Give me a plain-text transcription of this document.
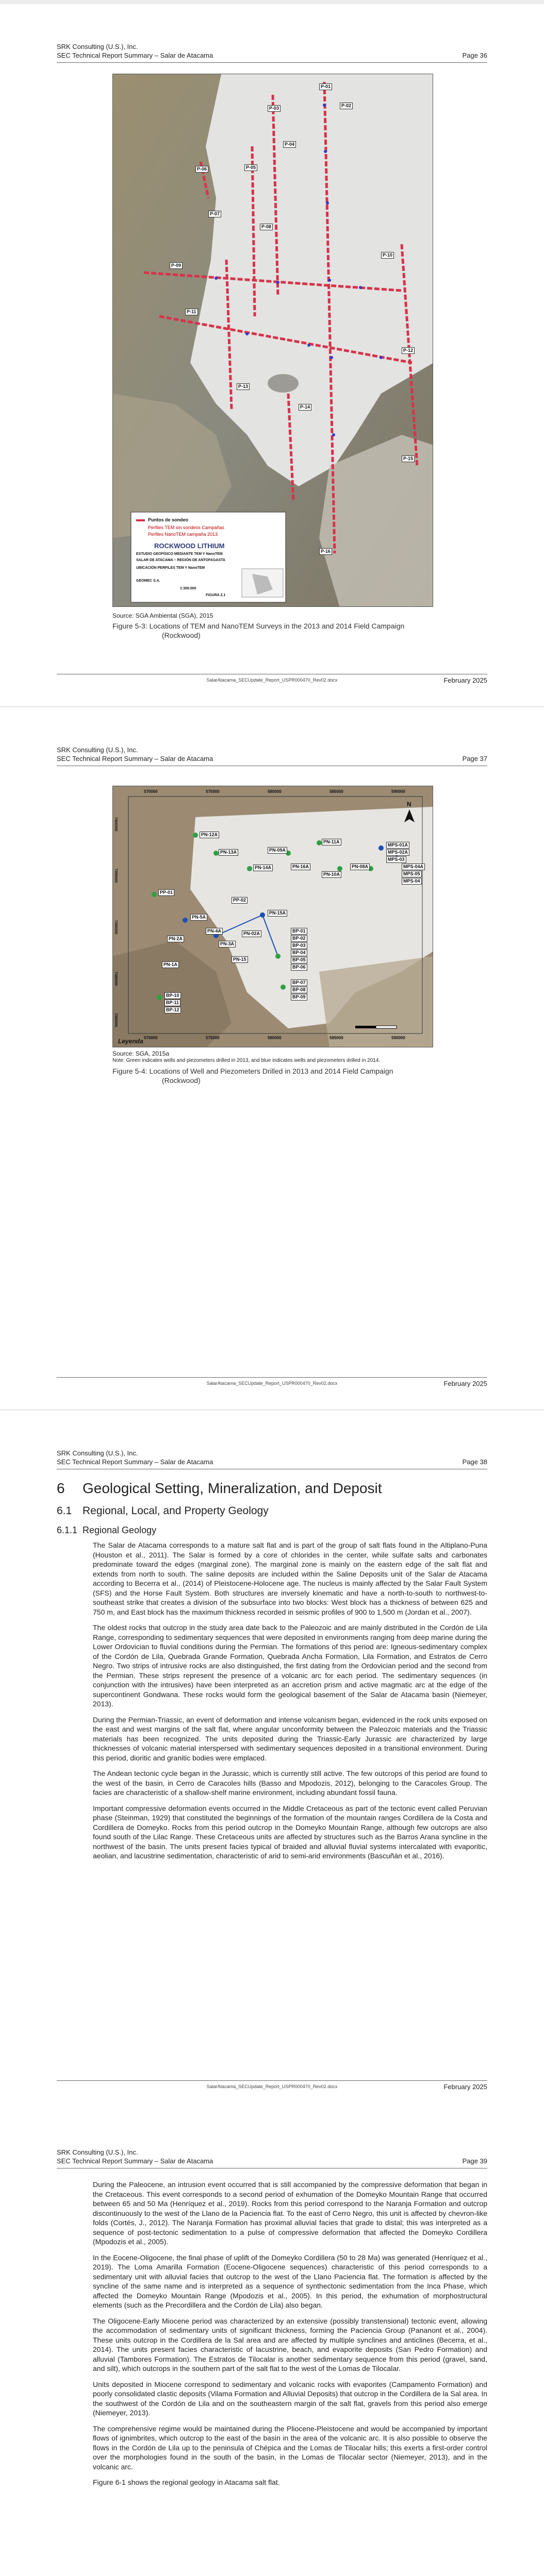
SRK Consulting (U.S.), Inc.
SEC Technical Report Summary – Salar de Atacama	Page 36
P-01
P-02
P-03
P-04
P-05
P-06
P-07
P-08
P-09
P-10
P-11
P-12
P-13
P-14
P-15
P-16
Puntos de sondeo
Perfiles TEM sin sondeos Campañas
Perfiles NanoTEM campaña 2013
ROCKWOOD LITHIUM
ESTUDIO GEOFÍSICO MEDIANTE TEM Y NanoTEM
SALAR DE ATACAMA – REGIÓN DE ANTOFAGASTA
UBICACIÓN PERFILES TEM Y NanoTEM
GEOMEC S.A.
1:300.000
FIGURA 2.1
Source: SGA Ambiental (SGA), 2015
Figure 5-3: Locations of TEM and NanoTEM Surveys in the 2013 and 2014 Field Campaign
(Rockwood)
SalarAtacama_SECUpdate_Report_USPR000470_Rev02.docx	February 2025
SRK Consulting (U.S.), Inc.
SEC Technical Report Summary – Salar de Atacama	Page 37
570000	575000	580000	585000	590000
570000	575000	580000	585000	590000
7400000
7395000
7390000
7385000
7380000
N
Leyenda
PN-12A
PN-13A
PN-14A
PN-09A
PN-11A
PN-10A
PN-08A
PP-01
PN-16A
PP-02
PN-15A
MPS-01A
MPS-02A
MPS-03
MPS-04A
MPS-05
MPS-04
PN-5A
PN-4A
PN-3A
PN-2A
PN-1A
BP-01
BP-02
BP-03
BP-04
BP-05
BP-06
BP-07
BP-08
BP-09
BP-10
BP-11
BP-12
PN-15
PN-02A
Source: SGA, 2015a
Note: Green indicates wells and piezometers drilled in 2013, and blue indicates wells and piezometers drilled in 2014.
Figure 5-4: Locations of Well and Piezometers Drilled in 2013 and 2014 Field Campaign
(Rockwood)
SalarAtacama_SECUpdate_Report_USPR000470_Rev02.docx	February 2025
SRK Consulting (U.S.), Inc.
SEC Technical Report Summary – Salar de Atacama	Page 38
6 Geological Setting, Mineralization, and Deposit
6.1 Regional, Local, and Property Geology
6.1.1 Regional Geology

The Salar de Atacama corresponds to a mature salt flat and is part of the group of salt flats found in the Altiplano-Puna (Houston et al., 2011). The Salar is formed by a core of chlorides in the center, while sulfate salts and carbonates predominate toward the edges (marginal zone). The marginal zone is mainly on the eastern edge of the salt flat and extends from north to south. The saline deposits are included within the Saline Deposits unit of the Salar de Atacama according to Becerra et al., (2014) of Pleistocene-Holocene age. The nucleus is mainly affected by the Salar Fault System (SFS) and the Horse Fault System. Both structures are inversely kinematic and have a north-to-south to northwest-to-southeast strike that creates a division of the subsurface into two blocks: West block has a thickness of between 625 and 750 m, and East block has the maximum thickness recorded in seismic profiles of 900 to 1,500 m (Jordan et al., 2007).

The oldest rocks that outcrop in the study area date back to the Paleozoic and are mainly distributed in the Cordón de Lila Range, corresponding to sedimentary sequences that were deposited in environments ranging from deep marine during the Lower Ordovician to fluvial conditions during the Permian. The formations of this period are: Igneous-sedimentary complex of the Cordón de Lila, Quebrada Grande Formation, Quebrada Ancha Formation, Lila Formation, and Estratos de Cerro Negro. Two strips of intrusive rocks are also distinguished, the first dating from the Ordovician period and the second from the Permian. These strips represent the presence of a volcanic arc for each period. The sedimentary sequences (in conjunction with the intrusives) have been interpreted as an accretion prism and active magmatic arc at the edge of the supercontinent Gondwana. These rocks would form the geological basement of the Salar de Atacama basin (Niemeyer, 2013).

During the Permian-Triassic, an event of deformation and intense volcanism began, evidenced in the rock units exposed on the east and west margins of the salt flat, where angular unconformity between the Paleozoic materials and the Triassic materials has been recognized. The units deposited during the Triassic-Early Jurassic are characterized by large thicknesses of volcanic material interspersed with sedimentary sequences deposited in a transitional environment. During this period, dioritic and granitic bodies were emplaced.

The Andean tectonic cycle began in the Jurassic, which is currently still active. The few outcrops of this period are found to the west of the basin, in Cerro de Caracoles hills (Basso and Mpodozis, 2012), belonging to the Caracoles Group. The facies are characteristic of a shallow-shelf marine environment, including abundant fossil fauna.

Important compressive deformation events occurred in the Middle Cretaceous as part of the tectonic event called Peruvian phase (Steinman, 1929) that constituted the beginnings of the formation of the mountain ranges Cordillera de la Costa and Cordillera de Domeyko. Rocks from this period outcrop in the Domeyko Mountain Range, although few outcrops are also found south of the Lilac Range. These Cretaceous units are affected by structures such as the Barros Arana syncline in the northwest of the basin. The units present facies typical of braided and alluvial fluvial systems intercalated with evaporitic, aeolian, and lacustrine sedimentation, characteristic of arid to semi-arid environments (Bascuñán et al., 2016).

SalarAtacama_SECUpdate_Report_USPR000470_Rev02.docx	February 2025
SRK Consulting (U.S.), Inc.
SEC Technical Report Summary – Salar de Atacama	Page 39

During the Paleocene, an intrusion event occurred that is still accompanied by the compressive deformation that began in the Cretaceous. This event corresponds to a second period of exhumation of the Domeyko Mountain Range that occurred between 65 and 50 Ma (Henríquez et al., 2019). Rocks from this period correspond to the Naranja Formation and outcrop discontinuously to the west of the Llano de la Paciencia flat. To the east of Cerro Negro, this unit is affected by chevron-like folds (Cortés, J., 2012). The Naranja Formation has proximal alluvial facies that grade to distal; this was interpreted as a sequence of post-tectonic sedimentation to a pulse of compressive deformation that affected the Domeyko Cordillera (Mpodozis et al., 2005).

In the Eocene-Oligocene, the final phase of uplift of the Domeyko Cordillera (50 to 28 Ma) was generated (Henríquez et al., 2019). The Loma Amarilla Formation (Eocene-Oligocene sequences) characteristic of this period corresponds to a sedimentary unit with alluvial facies that outcrop to the west of the Llano Paciencia flat. The formation is affected by the syncline of the same name and is interpreted as a sequence of synthectonic sedimentation from the Inca Phase, which affected the Domeyko Mountain Range (Mpodozis et al., 2005). In this period, the exhumation of morphostructural elements (such as the Precordillera and the Cordón de Lila) also began.

The Oligocene-Early Miocene period was characterized by an extensive (possibly transtensional) tectonic event, allowing the accommodation of sedimentary units of significant thickness, forming the Paciencia Group (Pananont et al., 2004). These units outcrop in the Cordillera de la Sal area and are affected by multiple synclines and anticlines (Becerra, et al., 2014). The units present facies characteristic of lacustrine, beach, and evaporite deposits (San Pedro Formation) and alluvial (Tambores Formation). The Estratos de Tilocalar is another sedimentary sequence from this period (gravel, sand, and silt), which outcrops in the southern part of the salt flat to the west of the Lomas de Tilocalar.

Units deposited in Miocene correspond to sedimentary and volcanic rocks with evaporites (Campamento Formation) and poorly consolidated clastic deposits (Vilama Formation and Alluvial Deposits) that outcrop in the Cordillera de la Sal area. In the southwest of the Cordón de Lila and on the southeastern margin of the salt flat, gravels from this period also emerge (Niemeyer, 2013).

The comprehensive regime would be maintained during the Pliocene-Pleistocene and would be accompanied by important flows of ignimbrites, which outcrop to the east of the basin in the area of the volcanic arc. It is also possible to observe the flows in the Cordón de Lila up to the peninsula of Chépica and the Lomas de Tilocalar hills; this exerts a first-order control over the morphologies found in the south of the basin, in the Lomas de Tilocalar sector (Niemeyer, 2013), and in the volcanic arc.

Figure 6-1 shows the regional geology in Atacama salt flat.
